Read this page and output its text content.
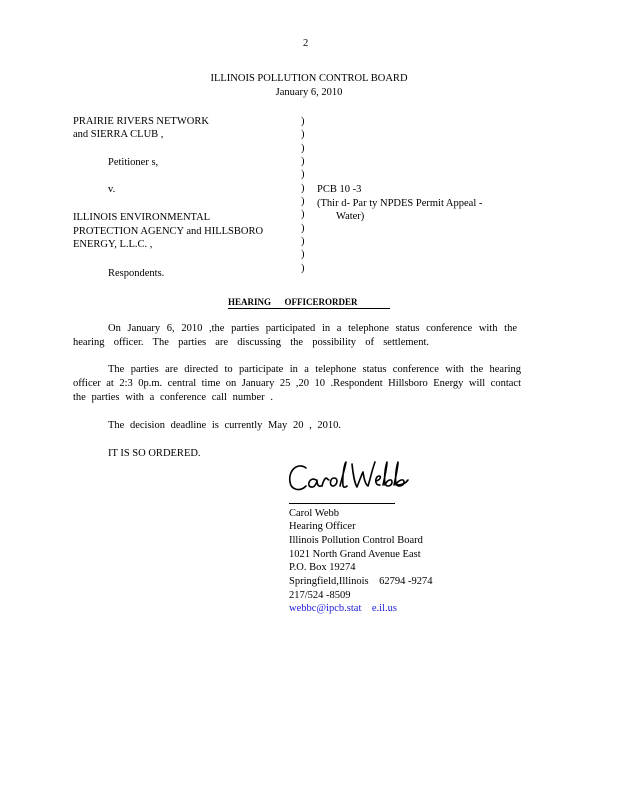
2
ILLINOIS POLLUTION CONTROL BOARD
January 6, 2010
PRAIRIE RIVERS NETWORK
and SIERRA CLUB ,
Petitioner s,
v.
ILLINOIS ENVIRONMENTAL
PROTECTION AGENCY and HILLSBORO
ENERGY, L.L.C. ,
Respondents.
)
)
)
)
)
)
)
)
)
)
)
)
PCB 10 -3
(Thir d- Par ty NPDES Permit Appeal -
Water)
HEARING      OFFICERORDER
On January 6, 2010 ,the parties participated in a telephone status conference with the
hearing officer. The parties are discussing the possibility of settlement.
The parties are directed to participate in a telephone status conference with the hearing
officer at 2:3 0p.m. central time on January 25 ,20 10 .Respondent Hillsboro Energy will contact
the parties with a conference call number .
The decision deadline is currently May 20 , 2010.
IT IS SO ORDERED.
Carol Webb
Hearing Officer
Illinois Pollution Control Board
1021 North Grand Avenue East
P.O. Box 19274
Springfield,Illinois    62794 -9274
217/524 -8509
webbc@ipcb.stat    e.il.us
